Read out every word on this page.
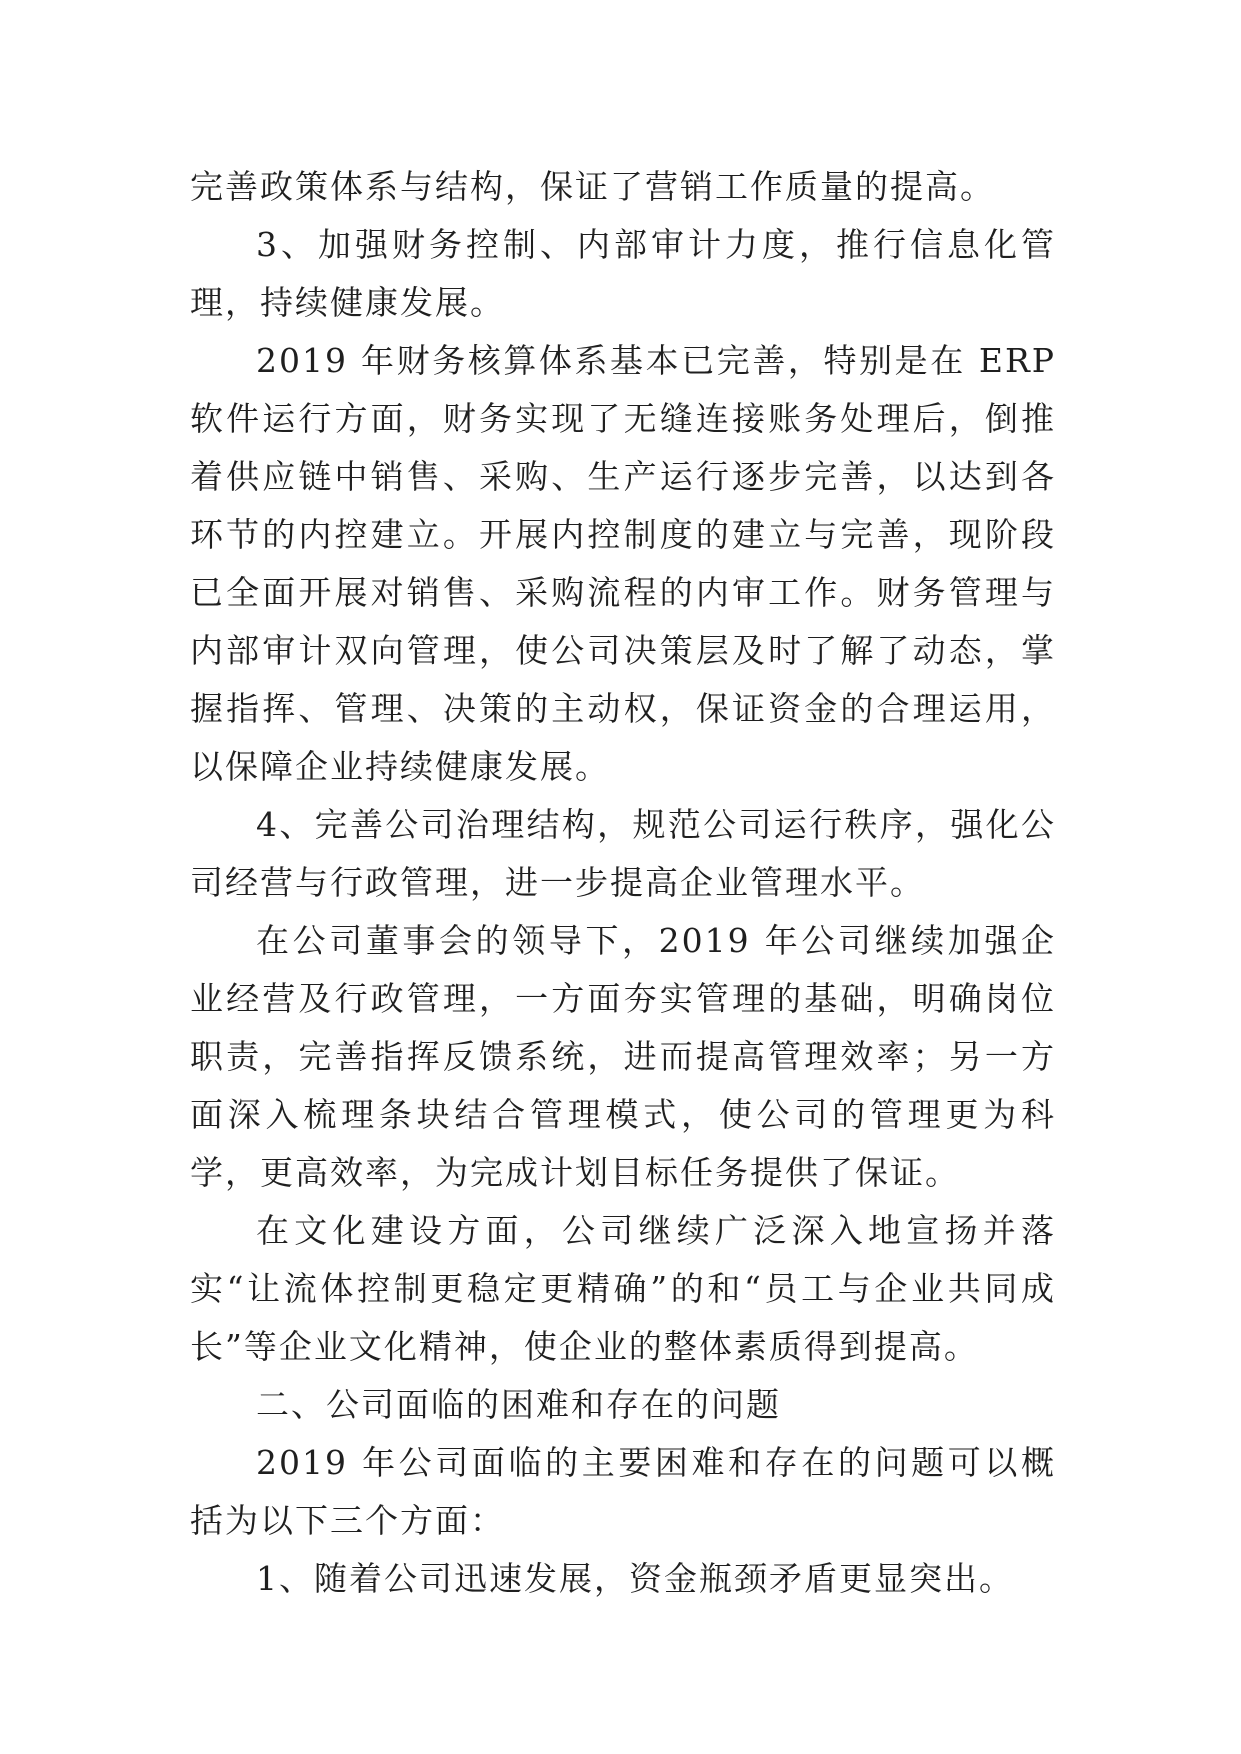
完善政策体系与结构，保证了营销工作质量的提高。

3、加强财务控制、内部审计力度，推行信息化管理，持续健康发展。

2019 年财务核算体系基本已完善，特别是在 ERP 软件运行方面，财务实现了无缝连接账务处理后，倒推着供应链中销售、采购、生产运行逐步完善，以达到各环节的内控建立。开展内控制度的建立与完善，现阶段已全面开展对销售、采购流程的内审工作。财务管理与内部审计双向管理，使公司决策层及时了解了动态，掌握指挥、管理、决策的主动权，保证资金的合理运用，以保障企业持续健康发展。

4、完善公司治理结构，规范公司运行秩序，强化公司经营与行政管理，进一步提高企业管理水平。

在公司董事会的领导下，2019 年公司继续加强企业经营及行政管理，一方面夯实管理的基础，明确岗位职责，完善指挥反馈系统，进而提高管理效率；另一方面深入梳理条块结合管理模式，使公司的管理更为科学，更高效率，为完成计划目标任务提供了保证。

在文化建设方面，公司继续广泛深入地宣扬并落实“让流体控制更稳定更精确”的和“员工与企业共同成长”等企业文化精神，使企业的整体素质得到提高。

二、公司面临的困难和存在的问题

2019 年公司面临的主要困难和存在的问题可以概括为以下三个方面：

1、随着公司迅速发展，资金瓶颈矛盾更显突出。
